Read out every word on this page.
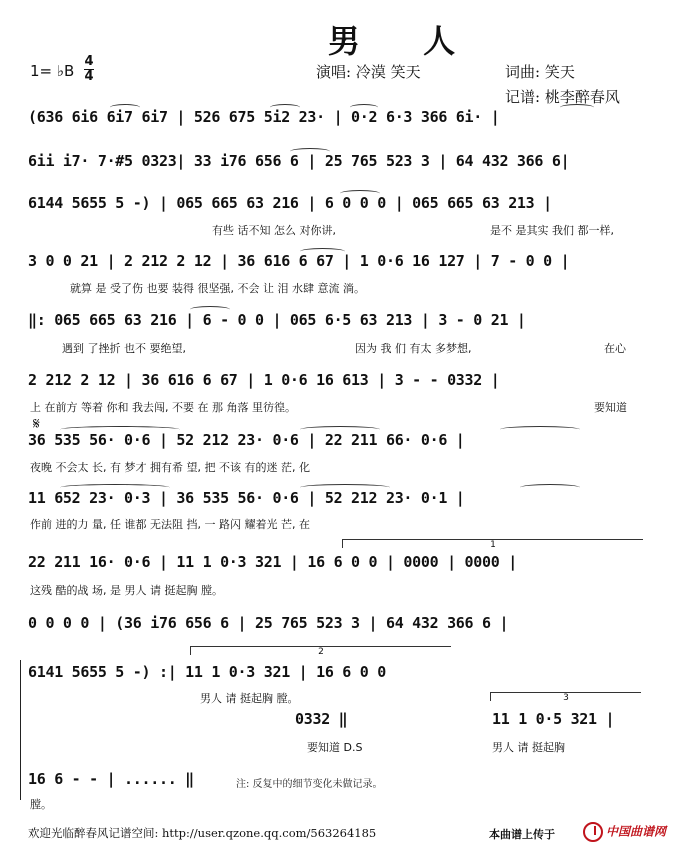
男 人
1= ♭B
4
4	演唱: 冷漠 笑天	词曲: 笑天
记谱: 桃李醉春风
(636 6i6 6i7 6i7 | 526 675 5i2 23· | 0·2 6·3 366 6i· |
6ii i7· 7·#5 0323| 33 i76 656 6 | 25 765 523 3 | 64 432 366 6|
6144 5655 5 -) | 065 665 63 216 | 6 0 0 0 | 065 665 63 213 |
有些 话不知 怎么 对你讲,	是不 是其实 我们 都一样,
3 0 0 21 | 2 212 2 12 | 36 616 6 67 | 1 0·6 16 127 | 7 - 0 0 |
就算 是 受了伤 也要 装得 很坚强, 不会 让 泪 水肆 意流 淌。
‖: 065 665 63 216 | 6 - 0 0 | 065 6·5 63 213 | 3 - 0 21 |
遇到 了挫折 也不 要绝望,	因为 我 们 有太 多梦想,	在心
2 212 2 12 | 36 616 6 67 | 1 0·6 16 613 | 3 - - 0332 |
上 在前方 等着 你和 我去闯, 不要 在 那 角落 里彷徨。	要知道
𝄋
36 535 56· 0·6 | 52 212 23· 0·6 | 22 211 66· 0·6 |
夜晚 不会太 长, 有 梦才 拥有希 望, 把 不该 有的迷 茫, 化
11 652 23· 0·3 | 36 535 56· 0·6 | 52 212 23· 0·1 |
作前 进的力 量, 任 谁都 无法阻 挡, 一 路闪 耀着光 芒, 在
1
22 211 16· 0·6 | 11 1 0·3 321 | 16 6 0 0 | 0000 | 0000 |
这残 酷的战 场, 是 男人 请 挺起胸 膛。
0 0 0 0 | (36 i76 656 6 | 25 765 523 3 | 64 432 366 6 |
2
6141 5655 5 -) :| 11 1 0·3 321 | 16 6 0 0
男人 请 挺起胸 膛。
0332 ‖
要知道 D.S
3
11 1 0·5 321 |
男人 请 挺起胸
16 6 - - | ...... ‖
膛。
注: 反复中的细节变化未做记录。
欢迎光临醉春风记谱空间: http://user.qzone.qq.com/563264185	本曲谱上传于	中国曲谱网
